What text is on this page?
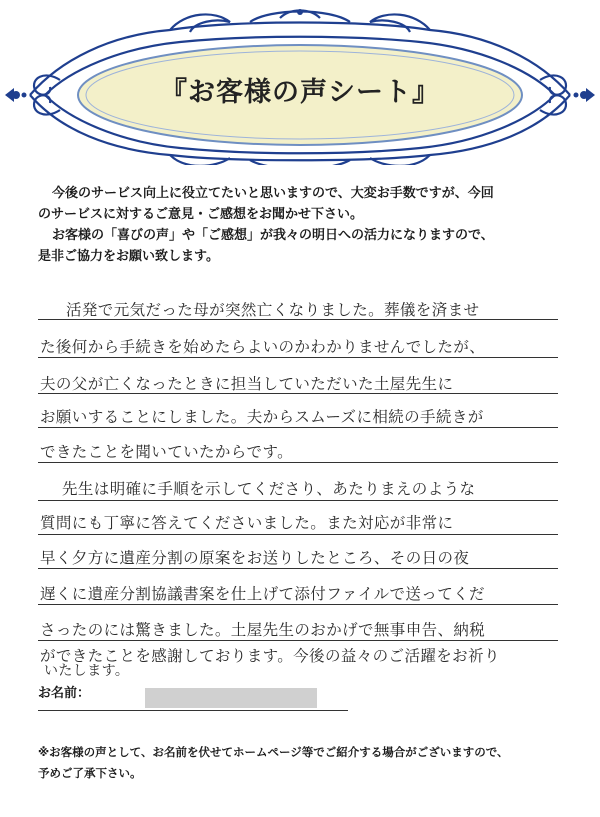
『お客様の声シート』

今後のサービス向上に役立てたいと思いますので、大変お手数ですが、今回

のサービスに対するご意見・ご感想をお聞かせ下さい。

お客様の「喜びの声」や「ご感想」が我々の明日への活力になりますので、

是非ご協力をお願い致します。

活発で元気だった母が突然亡くなりました。葬儀を済ませ
た後何から手続きを始めたらよいのかわかりませんでしたが、
夫の父が亡くなったときに担当していただいた土屋先生に
お願いすることにしました。夫からスムーズに相続の手続きが
できたことを聞いていたからです。
先生は明確に手順を示してくださり、あたりまえのような
質問にも丁寧に答えてくださいました。また対応が非常に
早く夕方に遺産分割の原案をお送りしたところ、その日の夜
遅くに遺産分割協議書案を仕上げて添付ファイルで送ってくだ
さったのには驚きました。土屋先生のおかげで無事申告、納税
ができたことを感謝しております。今後の益々のご活躍をお祈り
いたします。
お名前：

※お客様の声として、お名前を伏せてホームページ等でご紹介する場合がございますので、

予めご了承下さい。
